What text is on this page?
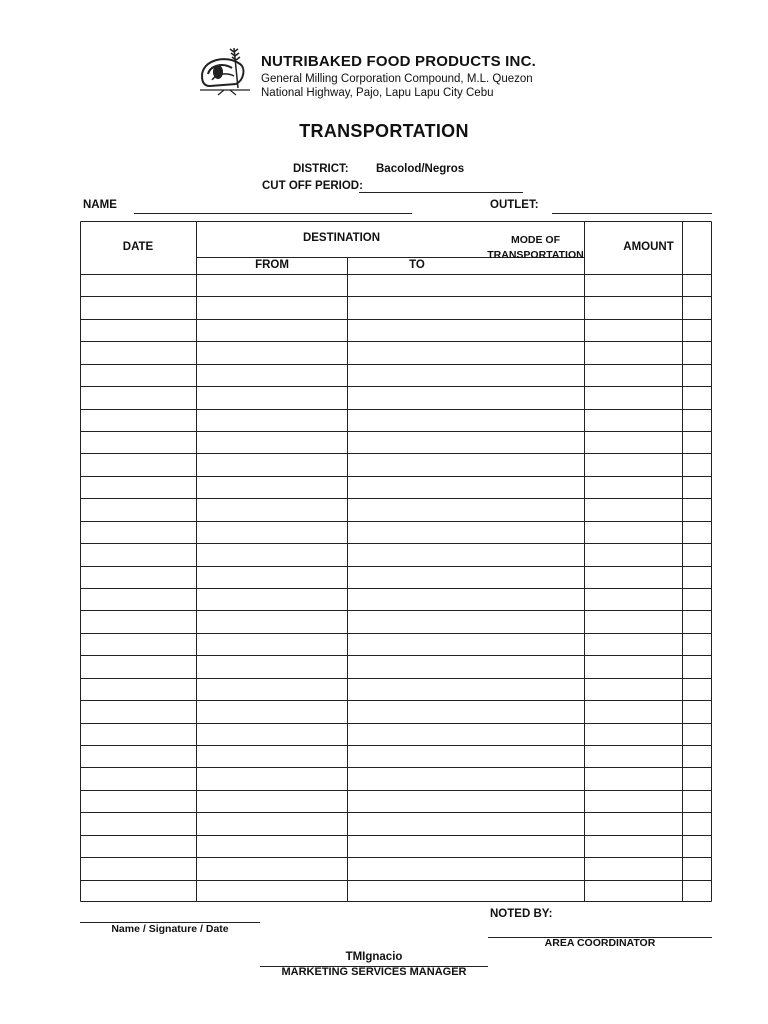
NUTRIBAKED FOOD PRODUCTS INC.
General Milling Corporation Compound, M.L. Quezon
National Highway, Pajo, Lapu Lapu City Cebu
TRANSPORTATION
DISTRICT: Bacolod/Negros
CUT OFF PERIOD:
NAME	OUTLET:
DATE
DESTINATION
FROM	TO
MODE OF
TRANSPORTATION
AMOUNT
Name / Signature / Date
NOTED BY:
AREA COORDINATOR
TMIgnacio
MARKETING SERVICES MANAGER
